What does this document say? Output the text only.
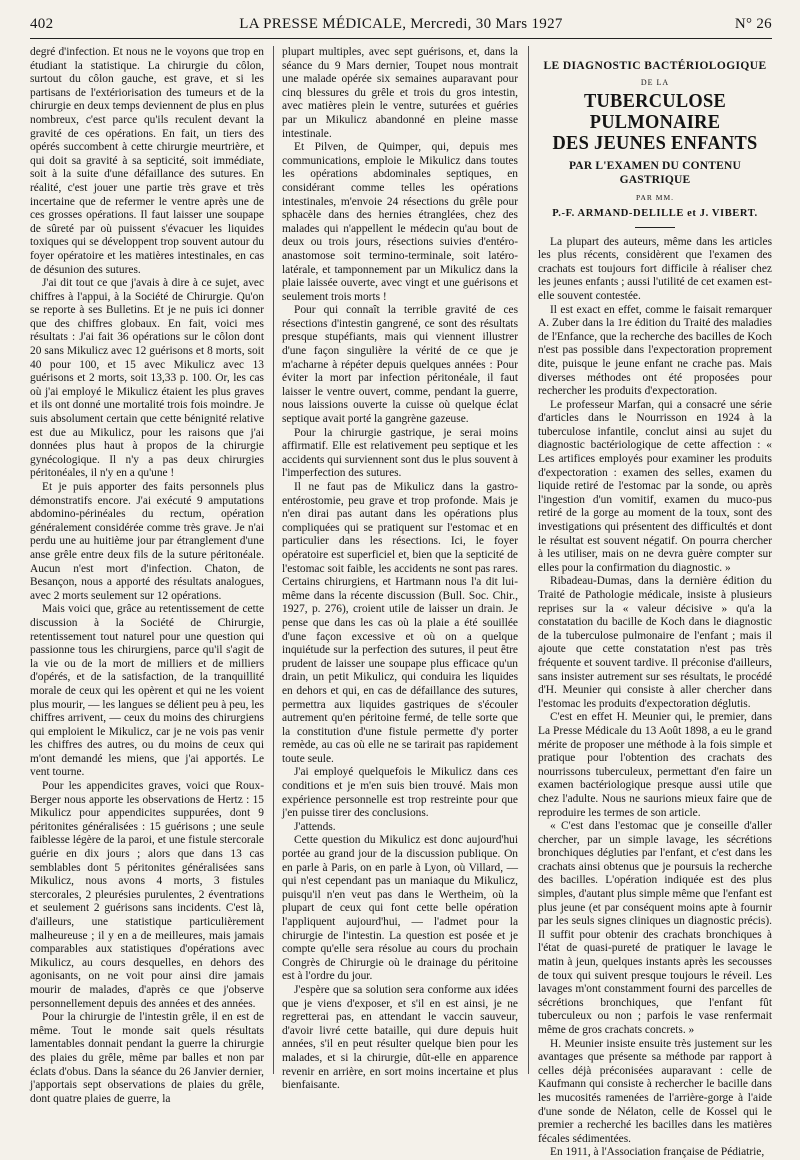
402	LA PRESSE MÉDICALE, Mercredi, 30 Mars 1927	N° 26

degré d'infection. Et nous ne le voyons que trop en étudiant la statistique. La chirurgie du côlon, surtout du côlon gauche, est grave, et si les partisans de l'extériorisation des tumeurs et de la chirurgie en deux temps deviennent de plus en plus nombreux, c'est parce qu'ils reculent devant la gravité de ces opérations. En fait, un tiers des opérés succombent à cette chirurgie meurtrière, et qui doit sa gravité à sa septicité, soit immédiate, soit à la suite d'une défaillance des sutures. En réalité, c'est jouer une partie très grave et très incertaine que de refermer le ventre après une de ces grosses opérations. Il faut laisser une soupape de sûreté par où puissent s'évacuer les liquides toxiques qui se développent trop souvent autour du foyer opératoire et les matières intestinales, en cas de désunion des sutures.

J'ai dit tout ce que j'avais à dire à ce sujet, avec chiffres à l'appui, à la Société de Chirurgie. Qu'on se reporte à ses Bulletins. Et je ne puis ici donner que des chiffres globaux. En fait, voici mes résultats : J'ai fait 36 opérations sur le côlon dont 20 sans Mikulicz avec 12 guérisons et 8 morts, soit 40 pour 100, et 15 avec Mikulicz avec 13 guérisons et 2 morts, soit 13,33 p. 100. Or, les cas où j'ai employé le Mikulicz étaient les plus graves et ils ont donné une mortalité trois fois moindre. Je suis absolument certain que cette bénignité relative est due au Mikulicz, pour les raisons que j'ai données plus haut à propos de la chirurgie gynécologique. Il n'y a pas deux chirurgies péritonéales, il n'y en a qu'une !

Et je puis apporter des faits personnels plus démonstratifs encore. J'ai exécuté 9 amputations abdomino-périnéales du rectum, opération généralement considérée comme très grave. Je n'ai perdu une au huitième jour par étranglement d'une anse grêle entre deux fils de la suture péritonéale. Aucun n'est mort d'infection. Chaton, de Besançon, nous a apporté des résultats analogues, avec 2 morts seulement sur 12 opérations.

Mais voici que, grâce au retentissement de cette discussion à la Société de Chirurgie, retentissement tout naturel pour une question qui passionne tous les chirurgiens, parce qu'il s'agit de la vie ou de la mort de milliers et de milliers d'opérés, et de la satisfaction, de la tranquillité morale de ceux qui les opèrent et qui ne les voient plus mourir, — les langues se délient peu à peu, les chiffres arrivent, — ceux du moins des chirurgiens qui emploient le Mikulicz, car je ne vois pas venir les chiffres des autres, ou du moins de ceux qui m'ont demandé les miens, que j'ai apportés. Le vent tourne.

Pour les appendicites graves, voici que Roux-Berger nous apporte les observations de Hertz : 15 Mikulicz pour appendicites suppurées, dont 9 péritonites généralisées : 15 guérisons ; une seule faiblesse légère de la paroi, et une fistule stercorale guérie en dix jours ; alors que dans 13 cas semblables dont 5 péritonites généralisées sans Mikulicz, nous avons 4 morts, 3 fistules stercorales, 2 pleurésies purulentes, 2 éventrations et seulement 2 guérisons sans incidents. C'est là, d'ailleurs, une statistique particulièrement malheureuse ; il y en a de meilleures, mais jamais comparables aux statistiques d'opérations avec Mikulicz, au cours desquelles, en dehors des agonisants, on ne voit pour ainsi dire jamais mourir de malades, d'après ce que j'observe personnellement depuis des années et des années.

Pour la chirurgie de l'intestin grêle, il en est de même. Tout le monde sait quels résultats lamentables donnait pendant la guerre la chirurgie des plaies du grêle, même par balles et non par éclats d'obus. Dans la séance du 26 Janvier dernier, j'apportais sept observations de plaies du grêle, dont quatre plaies de guerre, la

plupart multiples, avec sept guérisons, et, dans la séance du 9 Mars dernier, Toupet nous montrait une malade opérée six semaines auparavant pour cinq blessures du grêle et trois du gros intestin, avec matières plein le ventre, suturées et guéries par un Mikulicz abandonné en pleine masse intestinale.

Et Pilven, de Quimper, qui, depuis mes communications, emploie le Mikulicz dans toutes les opérations abdominales septiques, en considérant comme telles les opérations intestinales, m'envoie 24 résections du grêle pour sphacèle dans des hernies étranglées, chez des malades qui n'appellent le médecin qu'au bout de deux ou trois jours, résections suivies d'entéro-anastomose soit termino-terminale, soit latéro-latérale, et tamponnement par un Mikulicz dans la plaie laissée ouverte, avec vingt et une guérisons et seulement trois morts !

Pour qui connaît la terrible gravité de ces résections d'intestin gangrené, ce sont des résultats presque stupéfiants, mais qui viennent illustrer d'une façon singulière la vérité de ce que je m'acharne à répéter depuis quelques années : Pour éviter la mort par infection péritonéale, il faut laisser le ventre ouvert, comme, pendant la guerre, nous laissions ouverte la cuisse où quelque éclat septique avait porté la gangrène gazeuse.

Pour la chirurgie gastrique, je serai moins affirmatif. Elle est relativement peu septique et les accidents qui surviennent sont dus le plus souvent à l'imperfection des sutures.

Il ne faut pas de Mikulicz dans la gastro-entérostomie, peu grave et trop profonde. Mais je n'en dirai pas autant dans les opérations plus compliquées qui se pratiquent sur l'estomac et en particulier dans les résections. Ici, le foyer opératoire est superficiel et, bien que la septicité de l'estomac soit faible, les accidents ne sont pas rares. Certains chirurgiens, et Hartmann nous l'a dit lui-même dans la récente discussion (Bull. Soc. Chir., 1927, p. 276), croient utile de laisser un drain. Je pense que dans les cas où la plaie a été souillée d'une façon excessive et où on a quelque inquiétude sur la perfection des sutures, il peut être prudent de laisser une soupape plus efficace qu'un drain, un petit Mikulicz, qui conduira les liquides en dehors et qui, en cas de défaillance des sutures, permettra aux liquides gastriques de s'écouler autrement qu'en péritoine fermé, de telle sorte que la constitution d'une fistule permette d'y porter remède, au cas où elle ne se tarirait pas rapidement toute seule.

J'ai employé quelquefois le Mikulicz dans ces conditions et je m'en suis bien trouvé. Mais mon expérience personnelle est trop restreinte pour que j'en puisse tirer des conclusions.

J'attends.

Cette question du Mikulicz est donc aujourd'hui portée au grand jour de la discussion publique. On en parle à Paris, on en parle à Lyon, où Villard, — qui n'est cependant pas un maniaque du Mikulicz, puisqu'il n'en veut pas dans le Wertheim, où la plupart de ceux qui font cette belle opération l'appliquent aujourd'hui, — l'admet pour la chirurgie de l'intestin. La question est posée et je compte qu'elle sera résolue au cours du prochain Congrès de Chirurgie où le drainage du péritoine est à l'ordre du jour.

J'espère que sa solution sera conforme aux idées que je viens d'exposer, et s'il en est ainsi, je ne regretterai pas, en attendant le vaccin sauveur, d'avoir livré cette bataille, qui dure depuis huit années, s'il en peut résulter quelque bien pour les malades, et si la chirurgie, dût-elle en apparence revenir en arrière, en sort moins incertaine et plus bienfaisante.

LE DIAGNOSTIC BACTÉRIOLOGIQUE
DE LA
TUBERCULOSE PULMONAIRE
DES JEUNES ENFANTS
PAR L'EXAMEN DU CONTENU GASTRIQUE
PAR MM.
P.-F. ARMAND-DELILLE et J. VIBERT.

La plupart des auteurs, même dans les articles les plus récents, considèrent que l'examen des crachats est toujours fort difficile à réaliser chez les jeunes enfants ; aussi l'utilité de cet examen est-elle souvent contestée.

Il est exact en effet, comme le faisait remarquer A. Zuber dans la 1re édition du Traité des maladies de l'Enfance, que la recherche des bacilles de Koch n'est pas possible dans l'expectoration proprement dite, puisque le jeune enfant ne crache pas. Mais diverses méthodes ont été proposées pour rechercher les produits d'expectoration.

Le professeur Marfan, qui a consacré une série d'articles dans le Nourrisson en 1924 à la tuberculose infantile, conclut ainsi au sujet du diagnostic bactériologique de cette affection : « Les artifices employés pour examiner les produits d'expectoration : examen des selles, examen du liquide retiré de l'estomac par la sonde, ou après l'ingestion d'un vomitif, examen du muco-pus retiré de la gorge au moment de la toux, sont des investigations qui présentent des difficultés et dont le résultat est souvent négatif. On pourra chercher à les utiliser, mais on ne devra guère compter sur elles pour la confirmation du diagnostic. »

Ribadeau-Dumas, dans la dernière édition du Traité de Pathologie médicale, insiste à plusieurs reprises sur la « valeur décisive » qu'a la constatation du bacille de Koch dans le diagnostic de la tuberculose pulmonaire de l'enfant ; mais il ajoute que cette constatation n'est pas très fréquente et souvent tardive. Il préconise d'ailleurs, sans insister autrement sur ses résultats, le procédé d'H. Meunier qui consiste à aller chercher dans l'estomac les produits d'expectoration déglutis.

C'est en effet H. Meunier qui, le premier, dans La Presse Médicale du 13 Août 1898, a eu le grand mérite de proposer une méthode à la fois simple et pratique pour l'obtention des crachats des nourrissons tuberculeux, permettant d'en faire un examen bactériologique presque aussi utile que chez l'adulte. Nous ne saurions mieux faire que de reproduire les termes de son article.

« C'est dans l'estomac que je conseille d'aller chercher, par un simple lavage, les sécrétions bronchiques dégluties par l'enfant, et c'est dans les crachats ainsi obtenus que je poursuis la recherche des bacilles. L'opération indiquée est des plus simples, d'autant plus simple même que l'enfant est plus jeune (et par conséquent moins apte à fournir par les seuls signes cliniques un diagnostic précis). Il suffit pour obtenir des crachats bronchiques à l'état de quasi-pureté de pratiquer le lavage le matin à jeun, quelques instants après les secousses de toux qui suivent presque toujours le réveil. Les lavages m'ont constamment fourni des parcelles de sécrétions bronchiques, que l'enfant fût tuberculeux ou non ; parfois le vase renfermait même de gros crachats concrets. »

H. Meunier insiste ensuite très justement sur les avantages que présente sa méthode par rapport à celles déjà préconisées auparavant : celle de Kaufmann qui consiste à rechercher le bacille dans les mucosités ramenées de l'arrière-gorge à l'aide d'une sonde de Nélaton, celle de Kossel qui le premier a recherché les bacilles dans les matières fécales sédimentées.

En 1911, à l'Association française de Pédiatrie,
